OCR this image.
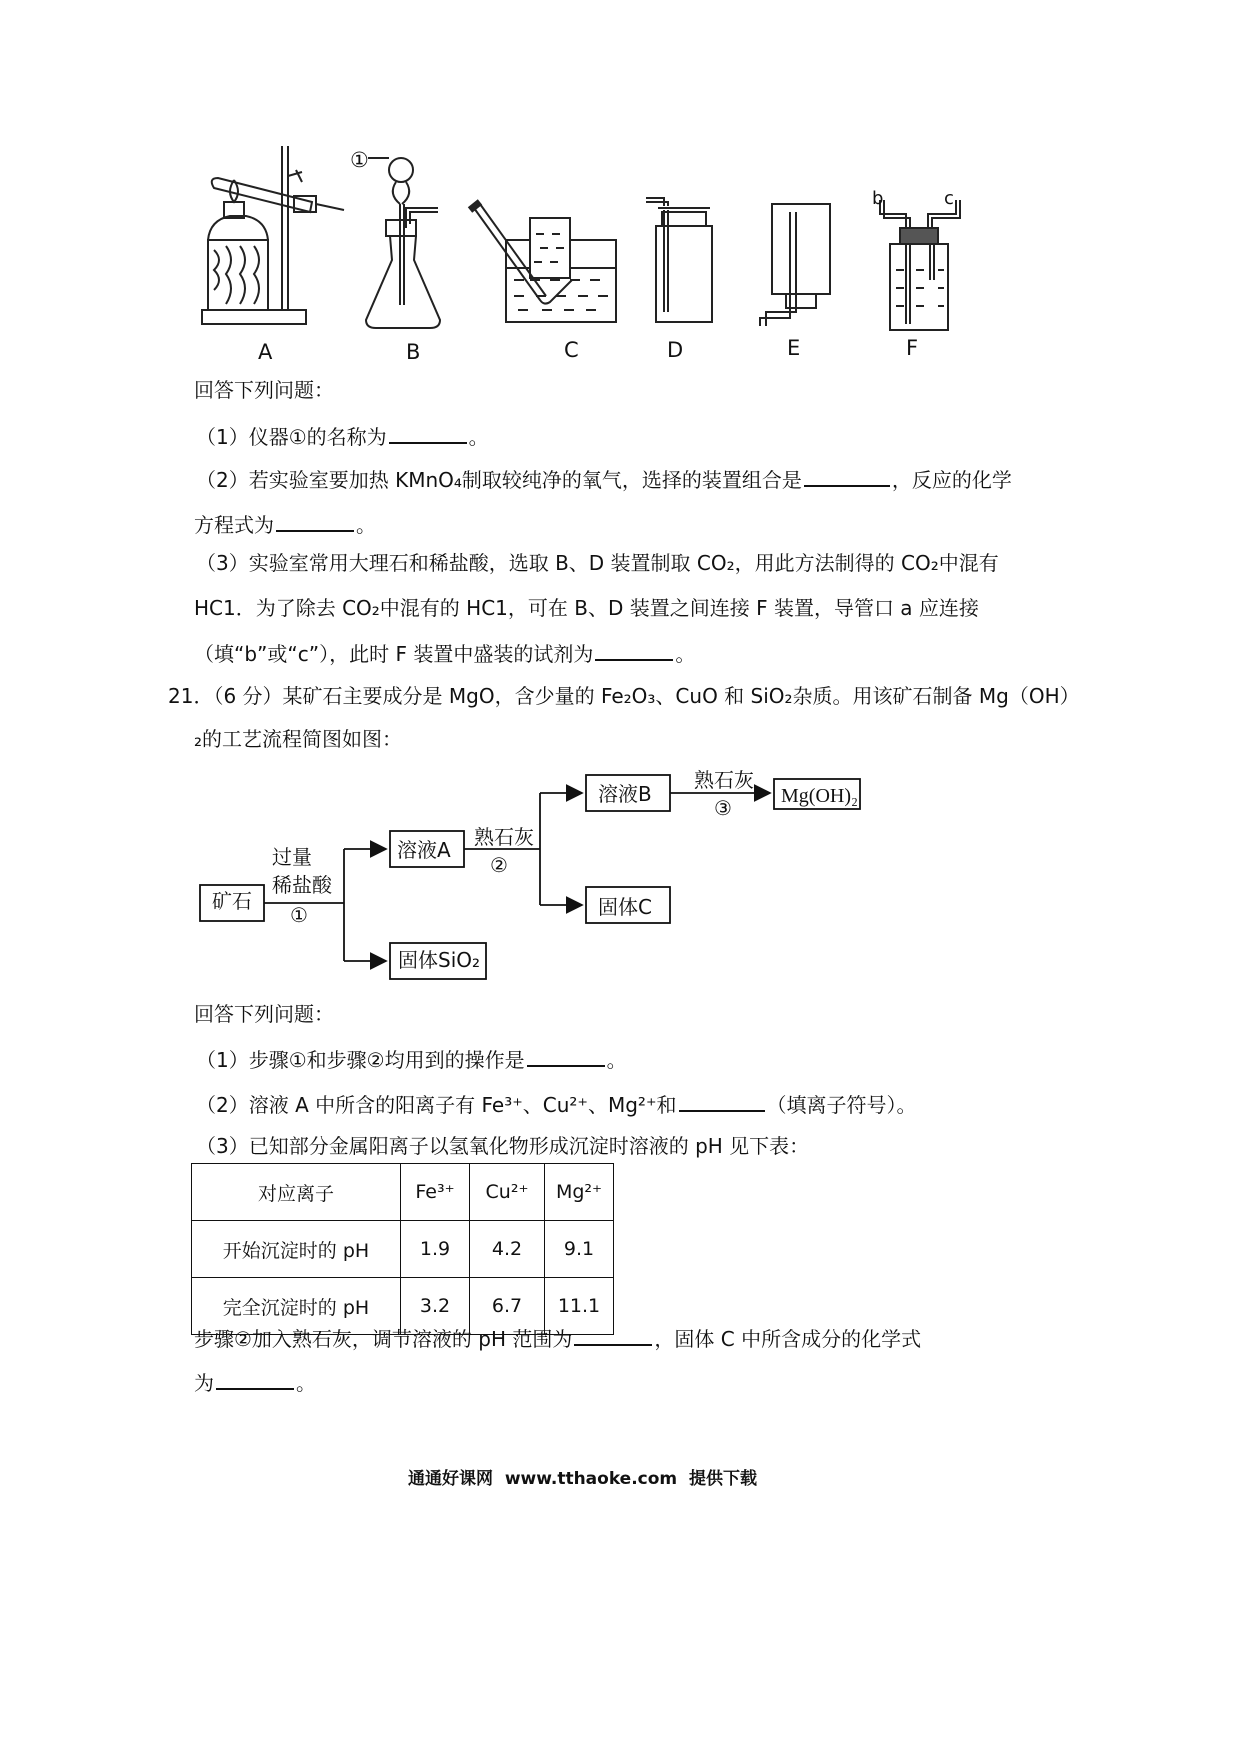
①
b	c
A	B	C	D	E	F
回答下列问题：
（1）仪器①的名称为	。
（2）若实验室要加热 KMnO₄制取较纯净的氧气，选择的装置组合是	，反应的化学
方程式为	。
（3）实验室常用大理石和稀盐酸，选取 B、D 装置制取 CO₂，用此方法制得的 CO₂中混有
HC1．为了除去 CO₂中混有的 HC1，可在 B、D 装置之间连接 F 装置，导管口 a 应连接
（填“b”或“c”），此时 F 装置中盛装的试剂为	。
21．（6 分）某矿石主要成分是 MgO，含少量的 Fe₂O₃、CuO 和 SiO₂杂质。用该矿石制备 Mg（OH）
₂的工艺流程简图如图：
矿石
过量
稀盐酸
①
溶液A
固体SiO₂
熟石灰
②
溶液B
固体C
熟石灰
③ Mg(OH)₂
回答下列问题：
（1）步骤①和步骤②均用到的操作是	。
（2）溶液 A 中所含的阳离子有 Fe³⁺、Cu²⁺、Mg²⁺和	（填离子符号）。
（3）已知部分金属阳离子以氢氧化物形成沉淀时溶液的 pH 见下表：
对应离子	Fe³⁺	Cu²⁺	Mg²⁺
开始沉淀时的 pH	1.9	4.2	9.1
完全沉淀时的 pH	3.2	6.7	11.1
步骤②加入熟石灰，调节溶液的 pH 范围为	，固体 C 中所含成分的化学式
为	。
通通好课网  www.tthaoke.com  提供下载
